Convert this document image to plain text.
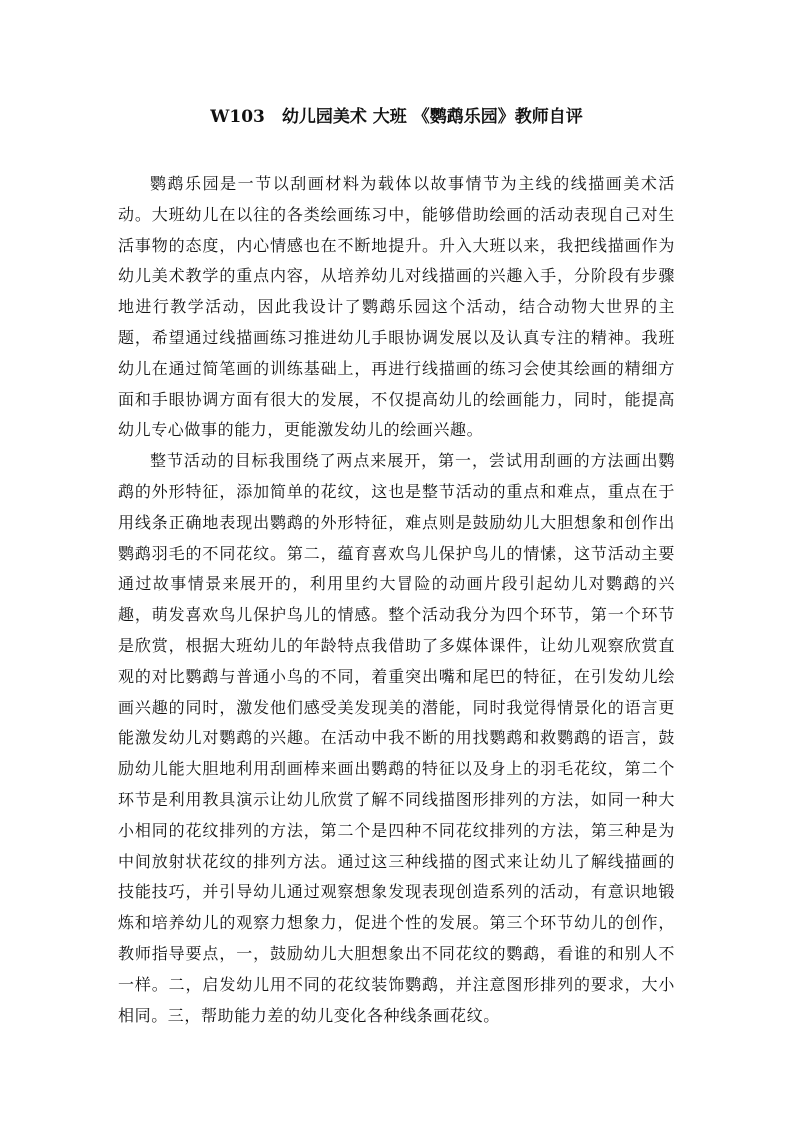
W103　幼儿园美术 大班 《鹦鹉乐园》教师自评

鹦鹉乐园是一节以刮画材料为载体以故事情节为主线的线描画美术活动。大班幼儿在以往的各类绘画练习中，能够借助绘画的活动表现自己对生活事物的态度，内心情感也在不断地提升。升入大班以来，我把线描画作为幼儿美术教学的重点内容，从培养幼儿对线描画的兴趣入手，分阶段有步骤地进行教学活动，因此我设计了鹦鹉乐园这个活动，结合动物大世界的主题，希望通过线描画练习推进幼儿手眼协调发展以及认真专注的精神。我班幼儿在通过简笔画的训练基础上，再进行线描画的练习会使其绘画的精细方面和手眼协调方面有很大的发展，不仅提高幼儿的绘画能力，同时，能提高幼儿专心做事的能力，更能激发幼儿的绘画兴趣。

整节活动的目标我围绕了两点来展开，第一，尝试用刮画的方法画出鹦鹉的外形特征，添加简单的花纹，这也是整节活动的重点和难点，重点在于用线条正确地表现出鹦鹉的外形特征，难点则是鼓励幼儿大胆想象和创作出鹦鹉羽毛的不同花纹。第二，蕴育喜欢鸟儿保护鸟儿的情愫，这节活动主要通过故事情景来展开的，利用里约大冒险的动画片段引起幼儿对鹦鹉的兴趣，萌发喜欢鸟儿保护鸟儿的情感。整个活动我分为四个环节，第一个环节是欣赏，根据大班幼儿的年龄特点我借助了多媒体课件，让幼儿观察欣赏直观的对比鹦鹉与普通小鸟的不同，着重突出嘴和尾巴的特征，在引发幼儿绘画兴趣的同时，激发他们感受美发现美的潜能，同时我觉得情景化的语言更能激发幼儿对鹦鹉的兴趣。在活动中我不断的用找鹦鹉和救鹦鹉的语言，鼓励幼儿能大胆地利用刮画棒来画出鹦鹉的特征以及身上的羽毛花纹，第二个环节是利用教具演示让幼儿欣赏了解不同线描图形排列的方法，如同一种大小相同的花纹排列的方法，第二个是四种不同花纹排列的方法，第三种是为中间放射状花纹的排列方法。通过这三种线描的图式来让幼儿了解线描画的技能技巧，并引导幼儿通过观察想象发现表现创造系列的活动，有意识地锻炼和培养幼儿的观察力想象力，促进个性的发展。第三个环节幼儿的创作，教师指导要点，一，鼓励幼儿大胆想象出不同花纹的鹦鹉，看谁的和别人不一样。二，启发幼儿用不同的花纹装饰鹦鹉，并注意图形排列的要求，大小相同。三，帮助能力差的幼儿变化各种线条画花纹。
